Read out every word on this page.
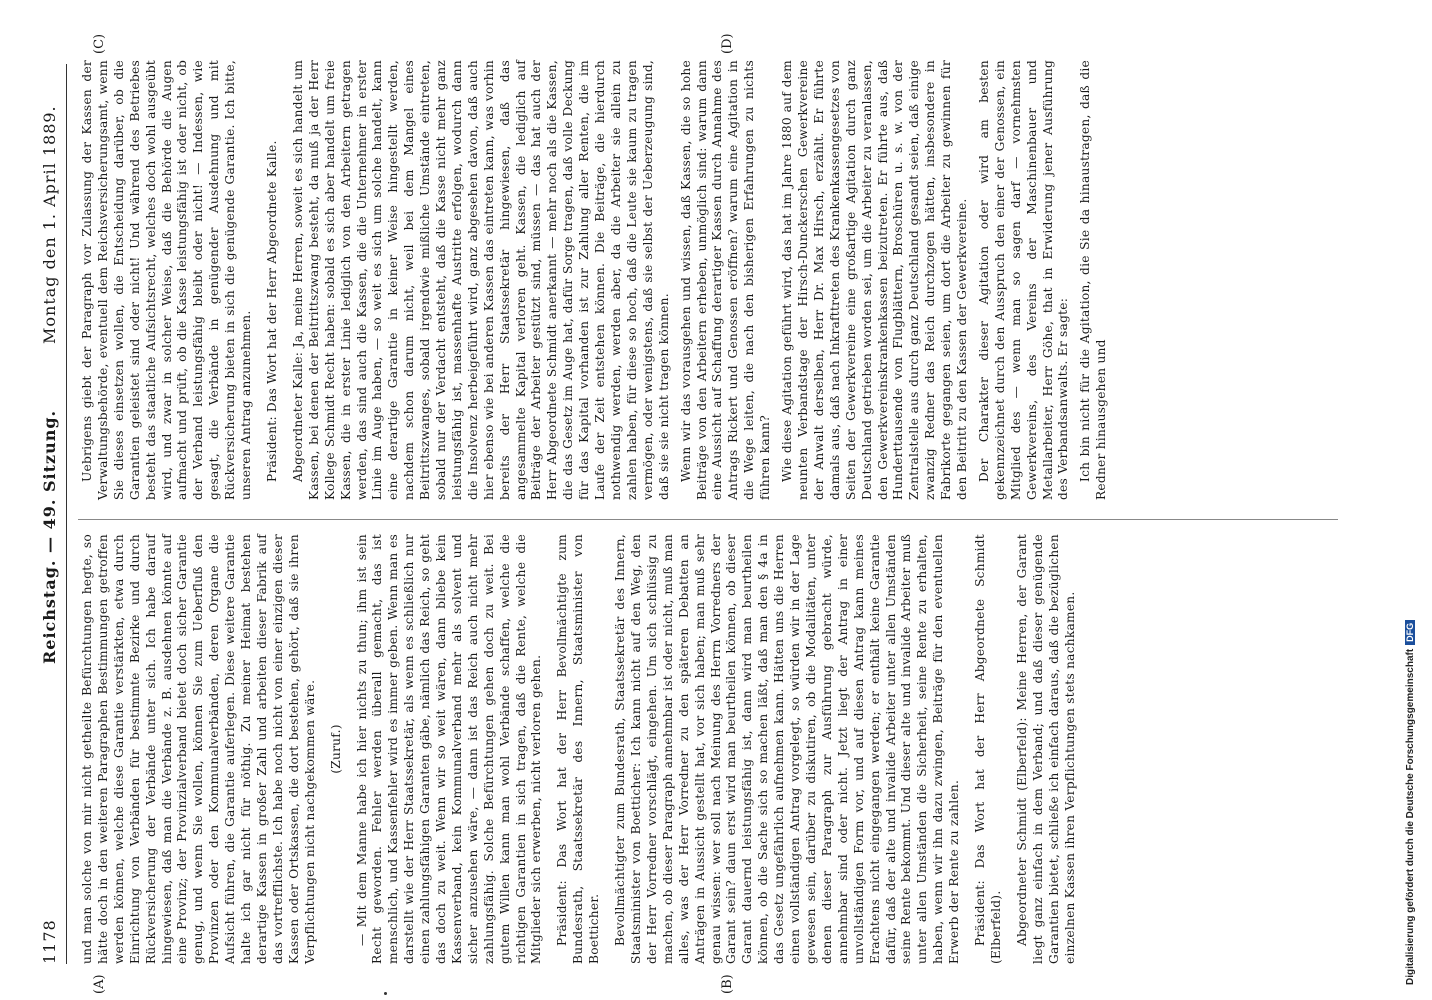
1178
Reichstag. — 49. Sitzung.
Montag den 1. April 1889.
(A)	(B)
(C)	(D)

und man solche von mir nicht getheilte Befürchtungen hegte, so hätte doch in den weiteren Paragraphen Bestimmungen getroffen werden können, welche diese Garantie verstärkten, etwa durch Einrichtung von Verbänden für bestimmte Bezirke und durch Rückversicherung der Verbände unter sich. Ich habe darauf hingewiesen, daß man die Verbände z. B. ausdehnen könnte auf eine Provinz; der Provinzialverband bietet doch sicher Garantie genug, und wenn Sie wollen, können Sie zum Ueberfluß den Provinzen oder den Kommunalverbänden, deren Organe die Aufsicht führen, die Garantie auferlegen. Diese weitere Garantie halte ich gar nicht für nöthig. Zu meiner Heimat bestehen derartige Kassen in großer Zahl und arbeiten dieser Fabrik auf das vortrefflichste. Ich habe noch nicht von einer einzigen dieser Kassen oder Ortskassen, die dort bestehen, gehört, daß sie ihren Verpflichtungen nicht nachgekommen wäre. (Zuruf.) — Mit dem Manne habe ich hier nichts zu thun; ihm ist sein Recht geworden. Fehler werden überall gemacht, das ist menschlich, und Kassenfehler wird es immer geben. Wenn man es darstellt wie der Herr Staatssekretär, als wenn es schließlich nur einen zahlungsfähigen Garanten gäbe, nämlich das Reich, so geht das doch zu weit. Wenn wir so weit wären, dann bliebe kein Kassenverband, kein Kommunalverband mehr als solvent und sicher anzusehen wäre, — dann ist das Reich auch nicht mehr zahlungsfähig. Solche Befürchtungen gehen doch zu weit. Bei gutem Willen kann man wohl Verbände schaffen, welche die richtigen Garantien in sich tragen, daß die Rente, welche die Mitglieder sich erwerben, nicht verloren gehen. Präsident: Das Wort hat der Herr Bevollmächtigte zum Bundesrath, Staatssekretär des Innern, Staatsminister von Boetticher. Bevollmächtigter zum Bundesrath, Staatssekretär des Innern, Staatsminister von Boetticher: Ich kann nicht auf den Weg, den der Herr Vorredner vorschlägt, eingehen. Um sich schlüssig zu machen, ob dieser Paragraph annehmbar ist oder nicht, muß man alles, was der Herr Vorredner zu den späteren Debatten an Anträgen in Aussicht gestellt hat, vor sich haben; man muß sehr genau wissen: wer soll nach Meinung des Herrn Vorredners der Garant sein? daun erst wird man beurtheilen können, ob dieser Garant dauernd leistungsfähig ist, dann wird man beurtheilen können, ob die Sache sich so machen läßt, daß man den § 4a in das Gesetz ungefährlich aufnehmen kann. Hätten uns die Herren einen vollständigen Antrag vorgelegt, so würden wir in der Lage gewesen sein, darüber zu diskutiren, ob die Modalitäten, unter denen dieser Paragraph zur Ausführung gebracht würde, annehmbar sind oder nicht. Jetzt liegt der Antrag in einer unvollständigen Form vor, und auf diesen Antrag kann meines Erachtens nicht eingegangen werden; er enthält keine Garantie dafür, daß der alte und invalide Arbeiter unter allen Umständen seine Rente bekommt. Und dieser alte und invalide Arbeiter muß unter allen Umständen die Sicherheit, seine Rente zu erhalten, haben, wenn wir ihn dazu zwingen, Beiträge für den eventuellen Erwerb der Rente zu zahlen. Präsident: Das Wort hat der Herr Abgeordnete Schmidt (Elberfeld). Abgeordneter Schmidt (Elberfeld): Meine Herren, der Garant liegt ganz einfach in dem Verband; und daß dieser genügende Garantien bietet, schließe ich einfach daraus, daß die bezüglichen einzelnen Kassen ihren Verpflichtungen stets nachkamen.

Uebrigens giebt der Paragraph vor Zulassung der Kassen der Verwaltungsbehörde, eventuell dem Reichsversicherungsamt, wenn Sie dieses einsetzen wollen, die Entscheidung darüber, ob die Garantien geleistet sind oder nicht! Und während des Betriebes besteht das staatliche Aufsichtsrecht, welches doch wohl ausgeübt wird, und zwar in solcher Weise, daß die Behörde die Augen aufmacht und prüft, ob die Kasse leistungsfähig ist oder nicht, ob der Verband leistungsfähig bleibt oder nicht! — Indessen, wie gesagt, die Verbände in genügender Ausdehnung und mit Rückversicherung bieten in sich die genügende Garantie. Ich bitte, unseren Antrag anzunehmen. Präsident: Das Wort hat der Herr Abgeordnete Kalle. Abgeordneter Kalle: Ja, meine Herren, soweit es sich handelt um Kassen, bei denen der Beitrittszwang besteht, da muß ja der Herr Kollege Schmidt Recht haben: sobald es sich aber handelt um freie Kassen, die in erster Linie lediglich von den Arbeitern getragen werden, das sind auch die Kassen, die die Unternehmer in erster Linie im Auge haben, — so weit es sich um solche handelt, kann eine derartige Garantie in keiner Weise hingestellt werden, nachdem schon darum nicht, weil bei dem Mangel eines Beitrittszwanges, sobald irgendwie mißliche Umstände eintreten, sobald nur der Verdacht entsteht, daß die Kasse nicht mehr ganz leistungsfähig ist, massenhafte Austritte erfolgen, wodurch dann die Insolvenz herbeigeführt wird, ganz abgesehen davon, daß auch hier ebenso wie bei anderen Kassen das eintreten kann, was vorhin bereits der Herr Staatssekretär hingewiesen, daß das angesammelte Kapital verloren geht. Kassen, die lediglich auf Beiträge der Arbeiter gestützt sind, müssen — das hat auch der Herr Abgeordnete Schmidt anerkannt — mehr noch als die Kassen, die das Gesetz im Auge hat, dafür Sorge tragen, daß volle Deckung für das Kapital vorhanden ist zur Zahlung aller Renten, die im Laufe der Zeit entstehen können. Die Beiträge, die hierdurch nothwendig werden, werden aber, da die Arbeiter sie allein zu zahlen haben, für diese so hoch, daß die Leute sie kaum zu tragen vermögen, oder wenigstens, daß sie selbst der Ueberzeugung sind, daß sie sie nicht tragen können. Wenn wir das vorausgehen und wissen, daß Kassen, die so hohe Beiträge von den Arbeitern erheben, unmöglich sind: warum dann eine Aussicht auf Schaffung derartiger Kassen durch Annahme des Antrags Rickert und Genossen eröffnen? warum eine Agitation in die Wege leiten, die nach den bisherigen Erfahrungen zu nichts führen kann? Wie diese Agitation geführt wird, das hat im Jahre 1880 auf dem neunten Verbandstage der Hirsch-Dunckerschen Gewerkvereine der Anwalt derselben, Herr Dr. Max Hirsch, erzählt. Er führte damals aus, daß nach Inkrafttreten des Krankenkassengesetzes von Seiten der Gewerkvereine eine großartige Agitation durch ganz Deutschland getrieben worden sei, um die Arbeiter zu veranlassen, den Gewerkvereinskrankenkassen beizutreten. Er führte aus, daß Hunderttausende von Flugblättern, Broschüren u. s. w. von der Zentralstelle aus durch ganz Deutschland gesandt seien, daß einige zwanzig Redner das Reich durchzogen hätten, insbesondere in Fabrikorte gegangen seien, um dort die Arbeiter zu gewinnen für den Beitritt zu den Kassen der Gewerkvereine. Der Charakter dieser Agitation oder wird am besten gekennzeichnet durch den Ausspruch den einer der Genossen, ein Mitglied des — wenn man so sagen darf — vornehmsten Gewerkvereins, des Vereins der Maschinenbauer und Metallarbeiter, Herr Göhe, that in Erwiderung jener Ausführung des Verbandsanwalts. Er sagte: Ich bin nicht für die Agitation, die Sie da hinaustragen, daß die Redner hinausgehen und

Digitalisierung gefördert durch die Deutsche ForschungsgemeinschaftDFG
